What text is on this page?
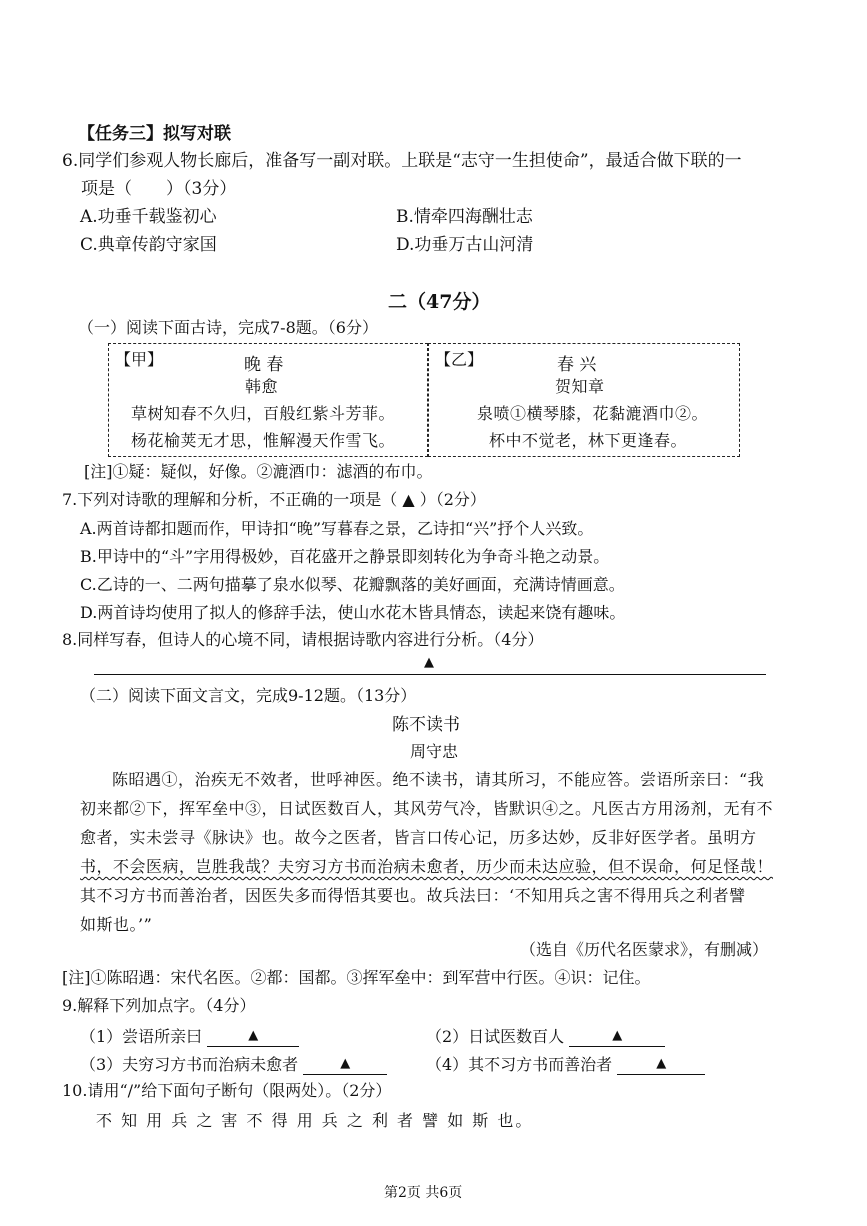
【任务三】拟写对联
6.同学们参观人物长廊后，准备写一副对联。上联是“志守一生担使命”，最适合做下联的一
项是（　　）（3分）
A.功垂千载鉴初心	B.情牵四海酬壮志
C.典章传韵守家国	D.功垂万古山河清
二（47分）
（一）阅读下面古诗，完成7-8题。（6分）
【甲】	晚 春
韩愈
草树知春不久归，百般红紫斗芳菲。
杨花榆荚无才思，惟解漫天作雪飞。
【乙】	春 兴
贺知章
泉喷①横琴膝，花黏漉酒巾②。
杯中不觉老，林下更逢春。
[注]①疑：疑似，好像。②漉酒巾：滤酒的布巾。
7.下列对诗歌的理解和分析，不正确的一项是（ ▲ ）（2分）
A.两首诗都扣题而作，甲诗扣“晚”写暮春之景，乙诗扣“兴”抒个人兴致。
B.甲诗中的“斗”字用得极妙，百花盛开之静景即刻转化为争奇斗艳之动景。
C.乙诗的一、二两句描摹了泉水似琴、花瓣飘落的美好画面，充满诗情画意。
D.两首诗均使用了拟人的修辞手法，使山水花木皆具情态，读起来饶有趣味。
8.同样写春，但诗人的心境不同，请根据诗歌内容进行分析。（4分）
▲
（二）阅读下面文言文，完成9-12题。（13分）
陈不读书
周守忠
陈昭遇①，治疾无不效者，世呼神医。绝不读书，请其所习，不能应答。尝语所亲曰：“我
初来都②下，挥军垒中③，日试医数百人，其风劳气冷，皆默识④之。凡医古方用汤剂，无有不
愈者，实未尝寻《脉诀》也。故今之医者，皆言口传心记，历多达妙，反非好医学者。虽明方
书，不会医病，岂胜我哉？夫穷习方书而治病未愈者，历少而未达应验，但不误命，何足怪哉！
其不习方书而善治者，因医失多而得悟其要也。故兵法曰：‘不知用兵之害不得用兵之利者譬
如斯也。’”
（选自《历代名医蒙求》，有删减）
[注]①陈昭遇：宋代名医。②都：国都。③挥军垒中：到军营中行医。④识：记住。
9.解释下列加点字。（4分）
（1）尝语所亲曰	▲	（2）日试医数百人	▲
（3）夫穷习方书而治病未愈者	▲	（4）其不习方书而善治者	▲
10.请用“/”给下面句子断句（限两处）。（2分）
不 知 用 兵 之 害 不 得 用 兵 之 利 者 譬 如 斯 也。
第2页 共6页
